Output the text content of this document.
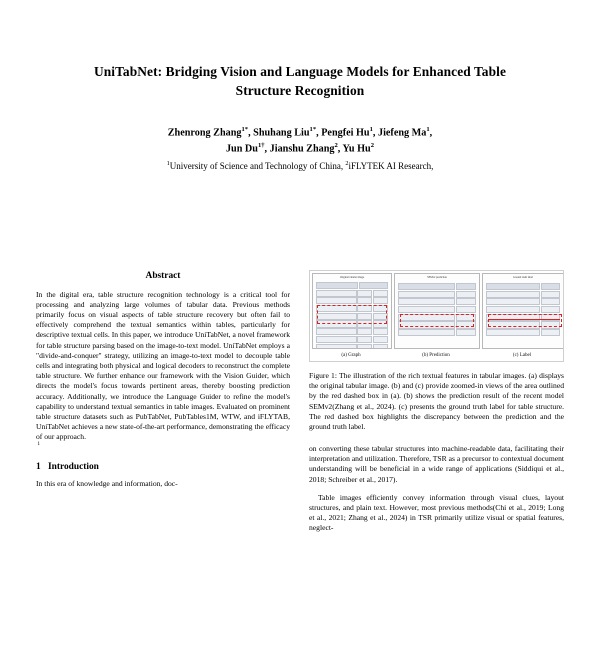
UniTabNet: Bridging Vision and Language Models for Enhanced Table Structure Recognition
Zhenrong Zhang$^{1*}$, Shuhang Liu$^{1*}$, Pengfei Hu$^1$, Jiefeng Ma$^1$,
Jun $Du^{1\dagger}$, Jianshu Zhang$^2$, Yu Hu$^2$
$^1$University of Science and Technology of China, $^2$iFLYTEK AI Research,
Abstract

In the digital era, table structure recognition technology is a critical tool for processing and analyzing large volumes of tabular data. Previous methods primarily focus on visual aspects of table structure recovery but often fail to effectively comprehend the textual semantics within tables, particularly for descriptive textual cells. In this paper, we introduce UniTabNet, a novel framework for table structure parsing based on the image-to-text model. UniTabNet employs a "divide-and-conquer" strategy, utilizing an image-to-text model to decouple table cells and integrating both physical and logical decoders to reconstruct the complete table structure. We further enhance our framework with the Vision Guider, which directs the model's focus towards pertinent areas, thereby boosting prediction accuracy. Additionally, we introduce the Language Guider to refine the model's capability to understand textual semantics in table images. Evaluated on prominent table structure datasets such as PubTabNet, PubTables1M, WTW, and iFLYTAB, UniTabNet achieves a new state-of-the-art performance, demonstrating the efficacy of our approach.

$^1$
1 Introduction

In this era of knowledge and information, doc-

Original tabular image	SEMv2 prediction	Ground truth label
(a) Graph	(b) Prediction	(c) Label
Figure 1: The illustration of the rich textual features in tabular images. (a) displays the original tabular image. (b) and (c) provide zoomed-in views of the area outlined by the red dashed box in (a). (b) shows the prediction result of the recent model SEMv2(Zhang et al., 2024). (c) presents the ground truth label for table structure. The red dashed box highlights the discrepancy between the prediction and the ground truth label.

on converting these tabular structures into machine-readable data, facilitating their interpretation and utilization. Therefore, TSR as a precursor to contextual document understanding will be beneficial in a wide range of applications (Siddiqui et al., 2018; Schreiber et al., 2017).

Table images efficiently convey information through visual clues, layout structures, and plain text. However, most previous methods(Chi et al., 2019; Long et al., 2021; Zhang et al., 2024) in TSR primarily utilize visual or spatial features, neglect-
